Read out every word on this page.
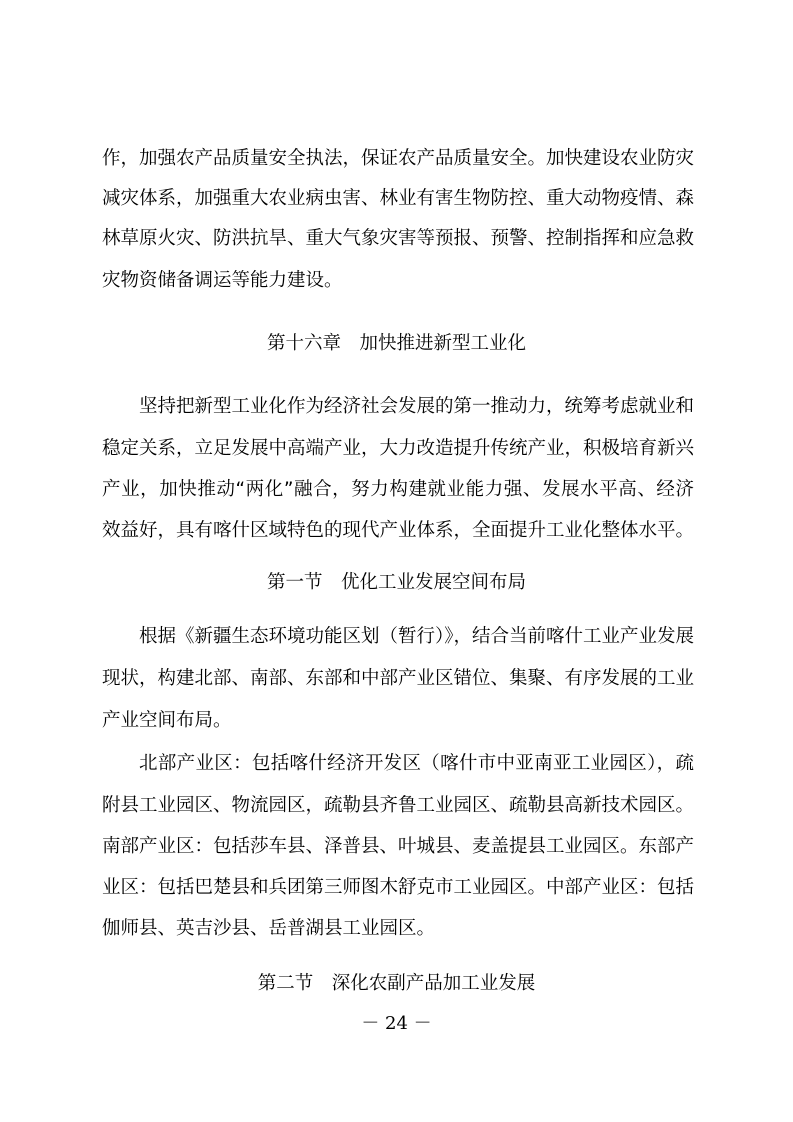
作，加强农产品质量安全执法，保证农产品质量安全。加快建设农业防灾
减灾体系，加强重大农业病虫害、林业有害生物防控、重大动物疫情、森
林草原火灾、防洪抗旱、重大气象灾害等预报、预警、控制指挥和应急救
灾物资储备调运等能力建设。
第十六章　加快推进新型工业化
坚持把新型工业化作为经济社会发展的第一推动力，统筹考虑就业和
稳定关系，立足发展中高端产业，大力改造提升传统产业，积极培育新兴
产业，加快推动“两化”融合，努力构建就业能力强、发展水平高、经济
效益好，具有喀什区域特色的现代产业体系，全面提升工业化整体水平。
第一节　优化工业发展空间布局
根据《新疆生态环境功能区划（暂行）》，结合当前喀什工业产业发展
现状，构建北部、南部、东部和中部产业区错位、集聚、有序发展的工业
产业空间布局。
北部产业区：包括喀什经济开发区（喀什市中亚南亚工业园区），疏
附县工业园区、物流园区，疏勒县齐鲁工业园区、疏勒县高新技术园区。
南部产业区：包括莎车县、泽普县、叶城县、麦盖提县工业园区。东部产
业区：包括巴楚县和兵团第三师图木舒克市工业园区。中部产业区：包括
伽师县、英吉沙县、岳普湖县工业园区。
第二节　深化农副产品加工业发展
－ 24 －
